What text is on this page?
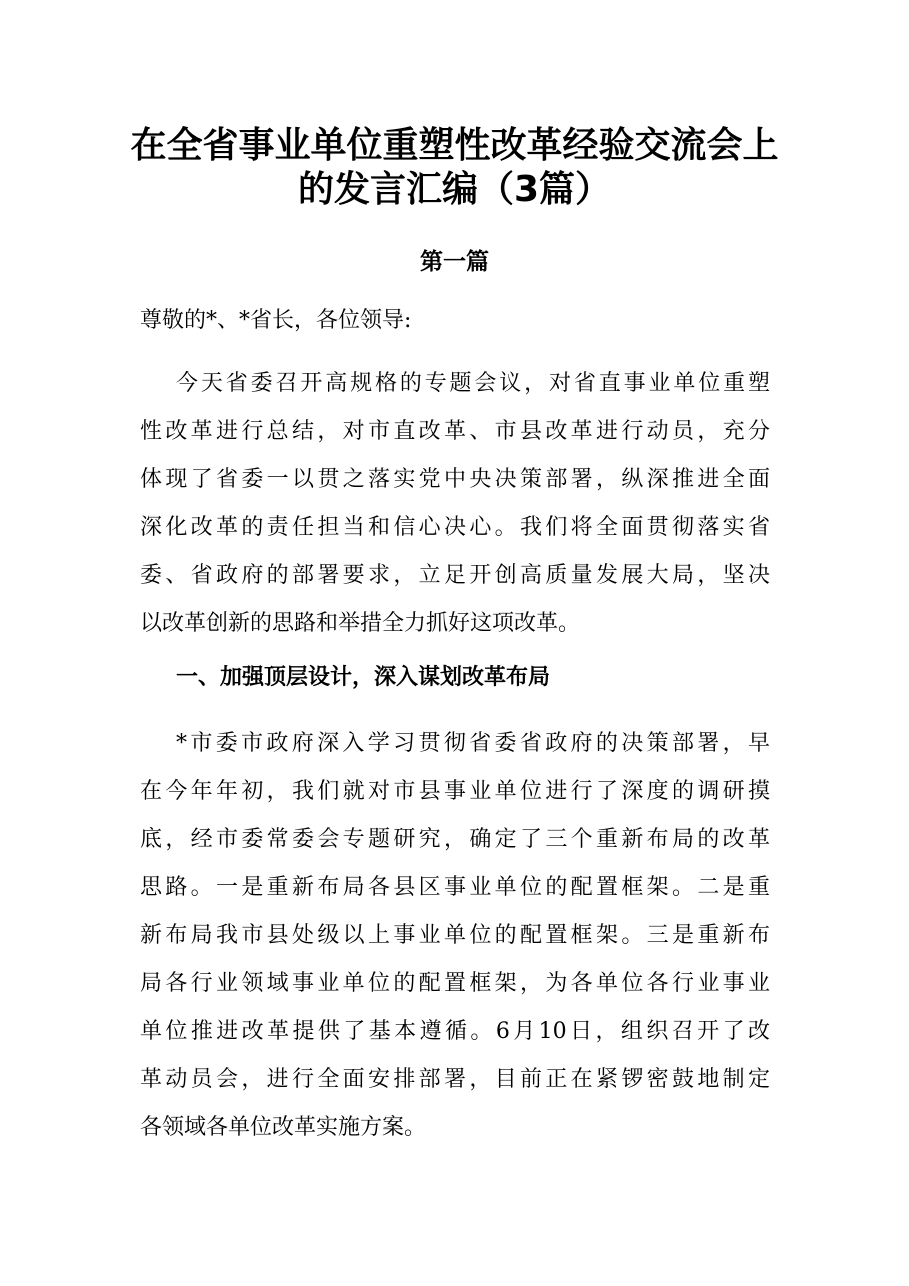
在全省事业单位重塑性改革经验交流会上
的发言汇编（3篇）
第一篇
尊敬的*、*省长，各位领导:
今天省委召开高规格的专题会议，对省直事业单位重塑
性改革进行总结，对市直改革、市县改革进行动员，充分
体现了省委一以贯之落实党中央决策部署，纵深推进全面
深化改革的责任担当和信心决心。我们将全面贯彻落实省
委、省政府的部署要求，立足开创高质量发展大局，坚决
以改革创新的思路和举措全力抓好这项改革。
一、加强顶层设计，深入谋划改革布局
*市委市政府深入学习贯彻省委省政府的决策部署，早
在今年年初，我们就对市县事业单位进行了深度的调研摸
底，经市委常委会专题研究，确定了三个重新布局的改革
思路。一是重新布局各县区事业单位的配置框架。二是重
新布局我市县处级以上事业单位的配置框架。三是重新布
局各行业领域事业单位的配置框架，为各单位各行业事业
单位推进改革提供了基本遵循。6月10日，组织召开了改
革动员会，进行全面安排部署，目前正在紧锣密鼓地制定
各领域各单位改革实施方案。
